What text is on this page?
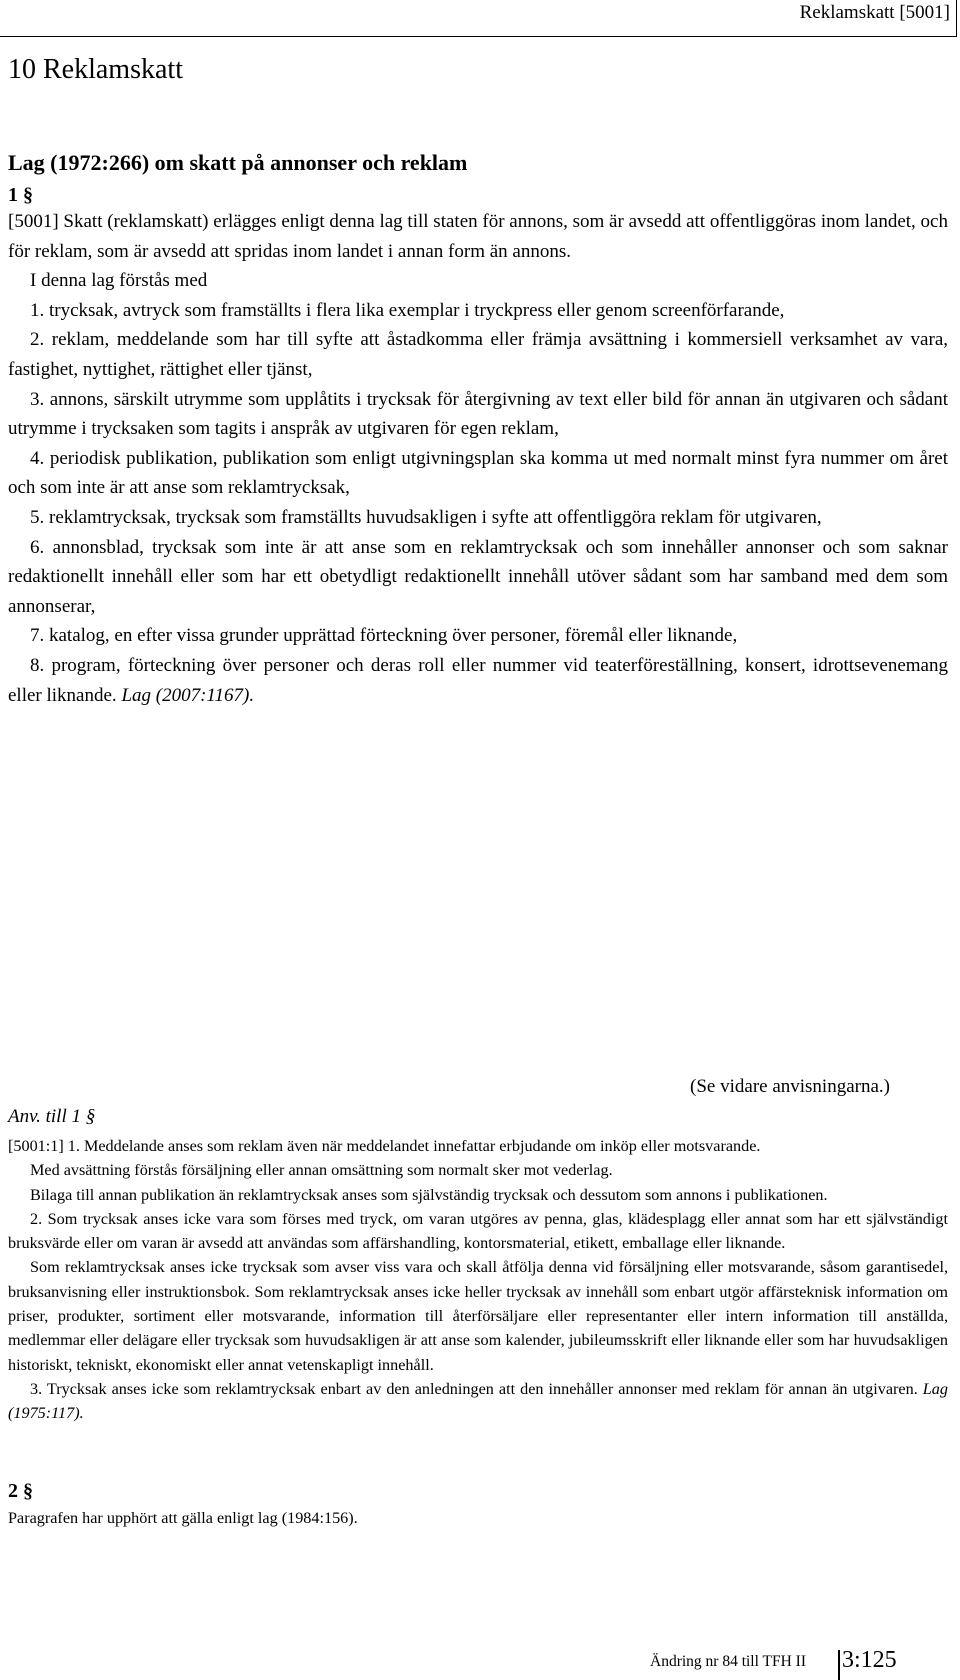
Reklamskatt [5001]
10 Reklamskatt
Lag (1972:266) om skatt på annonser och reklam
1 §

[5001] Skatt (reklamskatt) erlägges enligt denna lag till staten för annons, som är avsedd att offentliggöras inom landet, och för reklam, som är avsedd att spridas inom landet i annan form än annons.

I denna lag förstås med

1. trycksak, avtryck som framställts i flera lika exemplar i tryckpress eller genom screenförfarande,

2. reklam, meddelande som har till syfte att åstadkomma eller främja avsättning i kommersiell verksamhet av vara, fastighet, nyttighet, rättighet eller tjänst,

3. annons, särskilt utrymme som upplåtits i trycksak för återgivning av text eller bild för annan än utgivaren och sådant utrymme i trycksaken som tagits i anspråk av utgivaren för egen reklam,

4. periodisk publikation, publikation som enligt utgivningsplan ska komma ut med normalt minst fyra nummer om året och som inte är att anse som reklamtrycksak,

5. reklamtrycksak, trycksak som framställts huvudsakligen i syfte att offentliggöra reklam för utgivaren,

6. annonsblad, trycksak som inte är att anse som en reklamtrycksak och som innehåller annonser och som saknar redaktionellt innehåll eller som har ett obetydligt redaktionellt innehåll utöver sådant som har samband med dem som annonserar,

7. katalog, en efter vissa grunder upprättad förteckning över personer, föremål eller liknande,

8. program, förteckning över personer och deras roll eller nummer vid teaterföreställning, konsert, idrottsevenemang eller liknande. Lag (2007:1167).

(Se vidare anvisningarna.)
Anv. till 1 §

[5001:1] 1. Meddelande anses som reklam även när meddelandet innefattar erbjudande om inköp eller motsvarande.

Med avsättning förstås försäljning eller annan omsättning som normalt sker mot vederlag.

Bilaga till annan publikation än reklamtrycksak anses som självständig trycksak och dessutom som annons i publikationen.

2. Som trycksak anses icke vara som förses med tryck, om varan utgöres av penna, glas, klädesplagg eller annat som har ett självständigt bruksvärde eller om varan är avsedd att användas som affärshandling, kontorsmaterial, etikett, emballage eller liknande.

Som reklamtrycksak anses icke trycksak som avser viss vara och skall åtfölja denna vid försäljning eller motsvarande, såsom garantisedel, bruksanvisning eller instruktionsbok. Som reklamtrycksak anses icke heller trycksak av innehåll som enbart utgör affärsteknisk information om priser, produkter, sortiment eller motsvarande, information till återförsäljare eller representanter eller intern information till anställda, medlemmar eller delägare eller trycksak som huvudsakligen är att anse som kalender, jubileumsskrift eller liknande eller som har huvudsakligen historiskt, tekniskt, ekonomiskt eller annat vetenskapligt innehåll.

3. Trycksak anses icke som reklamtrycksak enbart av den anledningen att den innehåller annonser med reklam för annan än utgivaren. Lag (1975:117).

2 §
Paragrafen har upphört att gälla enligt lag (1984:156).
Ändring nr 84 till TFH II 3:125
